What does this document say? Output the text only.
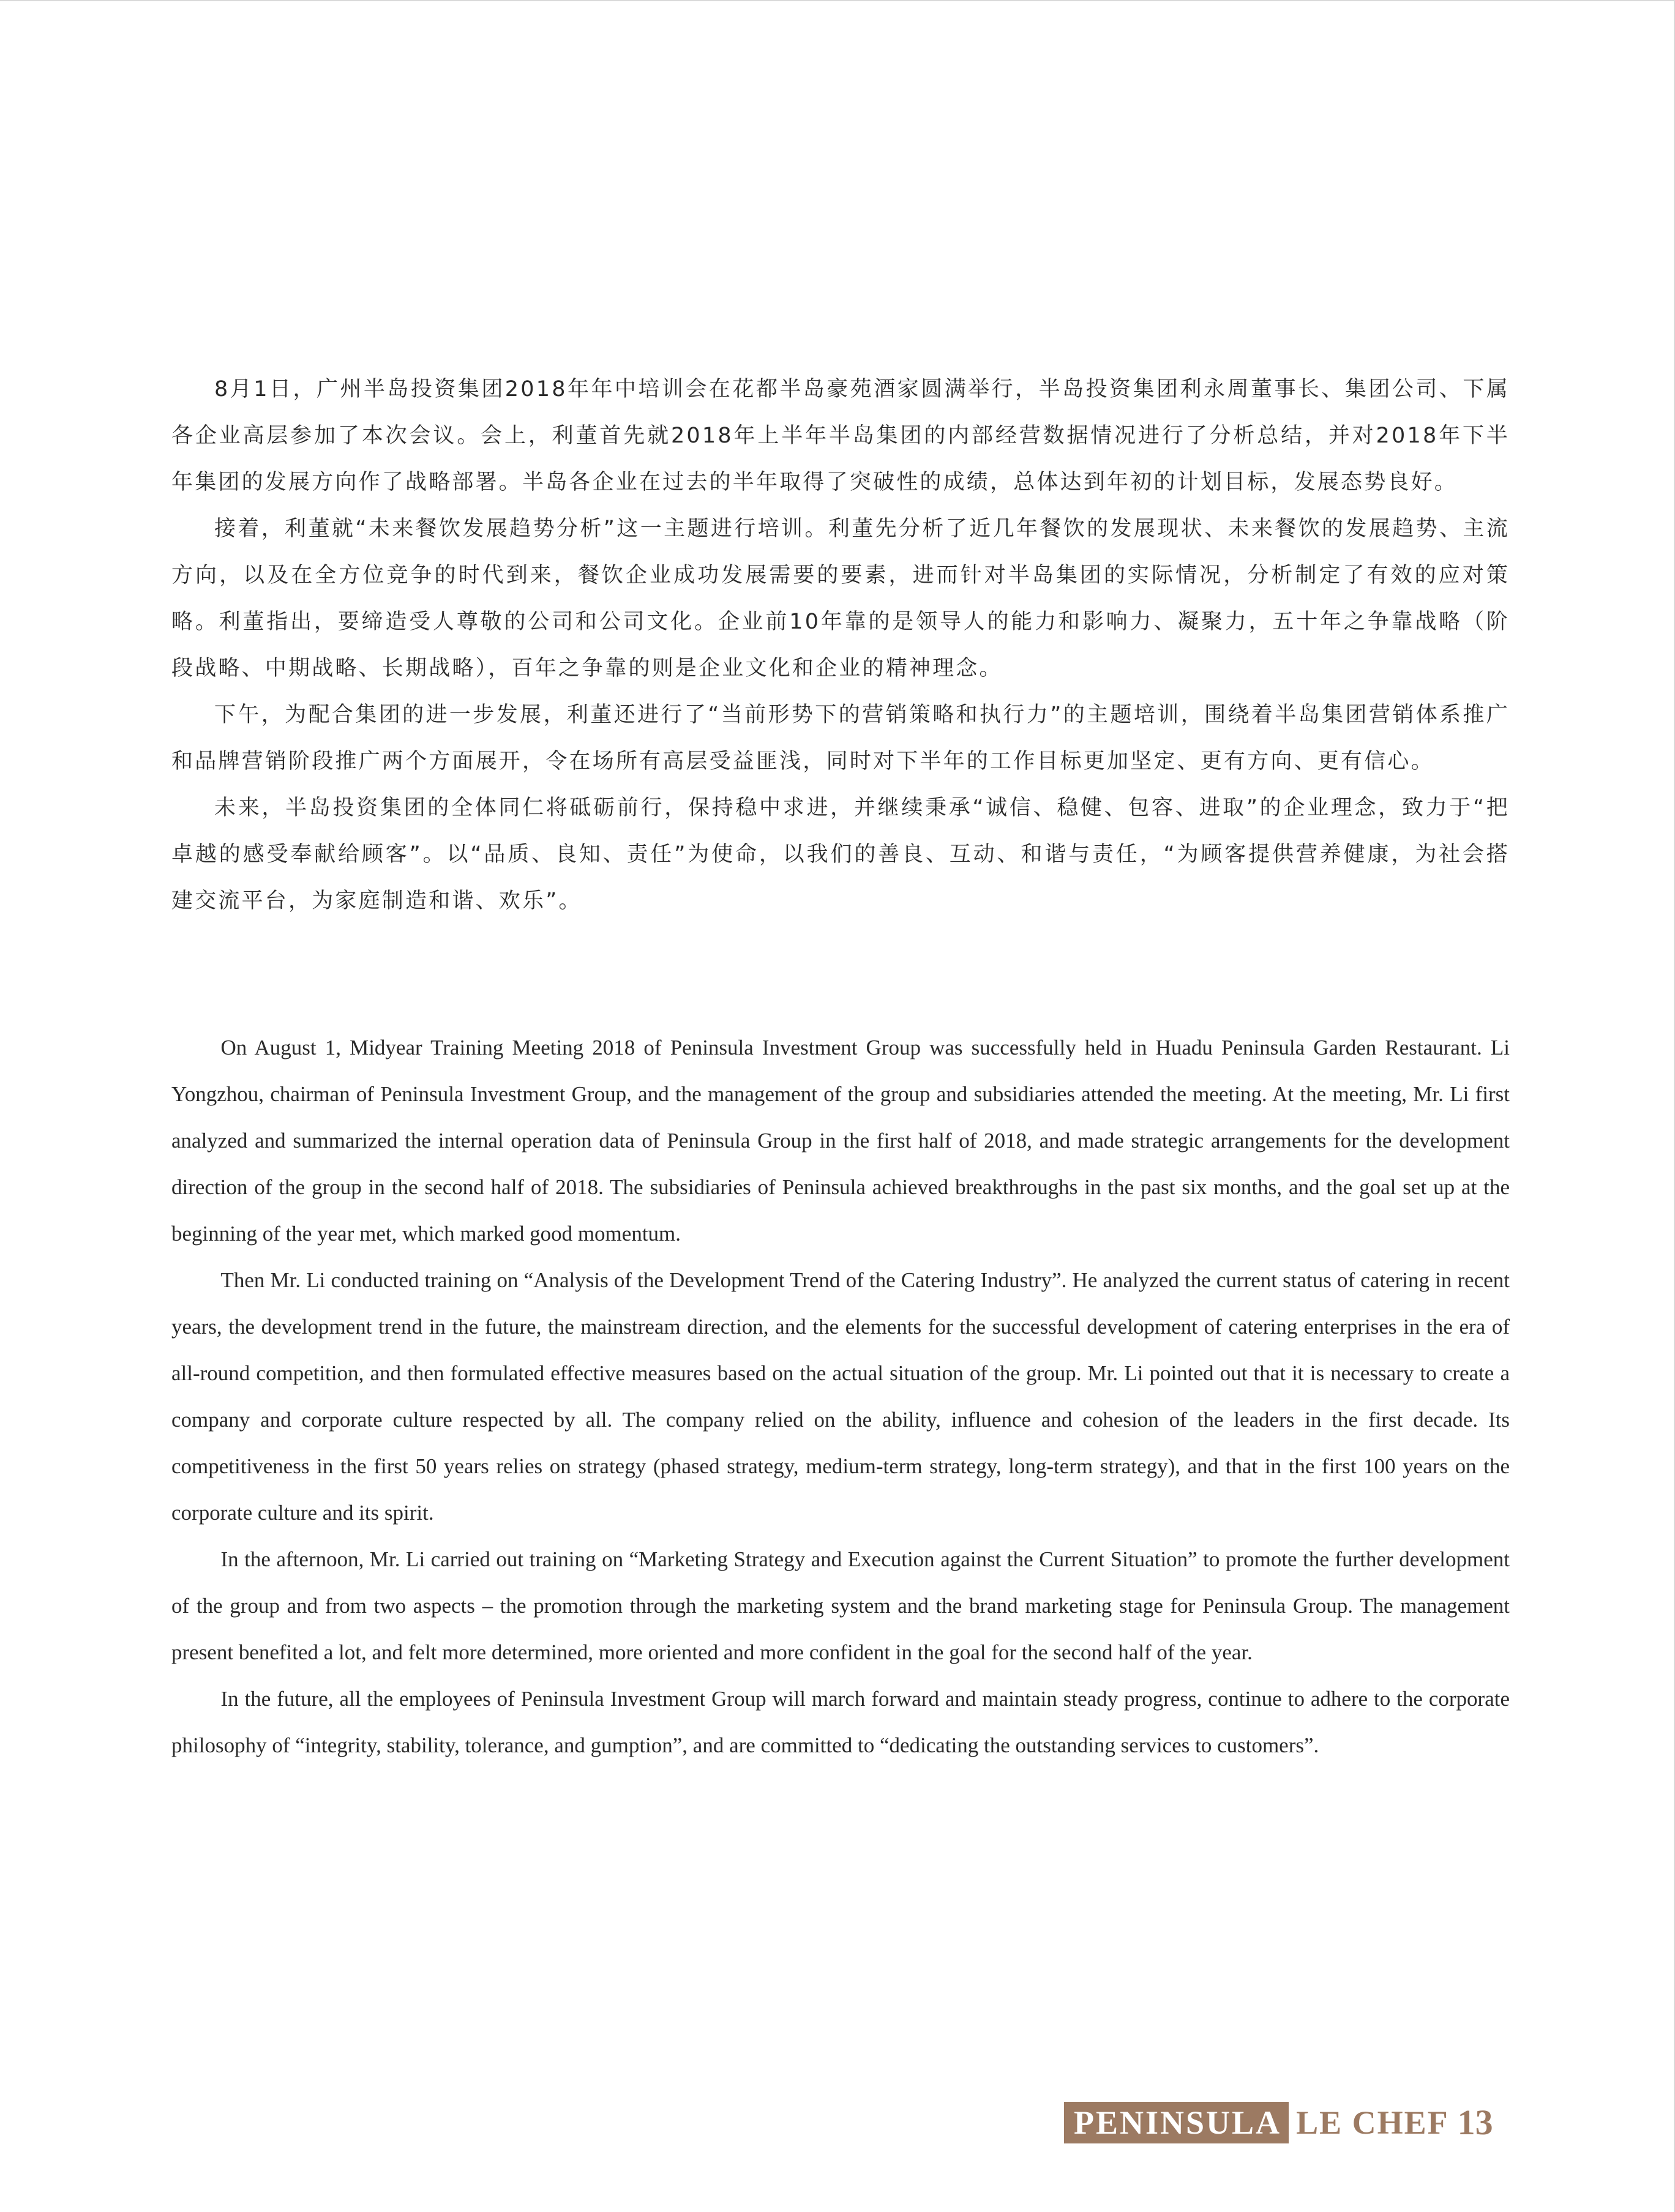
8月1日，广州半岛投资集团2018年年中培训会在花都半岛豪苑酒家圆满举行，半岛投资集团利永周董事长、集团公司、下属各企业高层参加了本次会议。会上，利董首先就2018年上半年半岛集团的内部经营数据情况进行了分析总结，并对2018年下半年集团的发展方向作了战略部署。半岛各企业在过去的半年取得了突破性的成绩，总体达到年初的计划目标，发展态势良好。

接着，利董就“未来餐饮发展趋势分析”这一主题进行培训。利董先分析了近几年餐饮的发展现状、未来餐饮的发展趋势、主流方向，以及在全方位竞争的时代到来，餐饮企业成功发展需要的要素，进而针对半岛集团的实际情况，分析制定了有效的应对策略。利董指出，要缔造受人尊敬的公司和公司文化。企业前10年靠的是领导人的能力和影响力、凝聚力，五十年之争靠战略（阶段战略、中期战略、长期战略），百年之争靠的则是企业文化和企业的精神理念。

下午，为配合集团的进一步发展，利董还进行了“当前形势下的营销策略和执行力”的主题培训，围绕着半岛集团营销体系推广和品牌营销阶段推广两个方面展开，令在场所有高层受益匪浅，同时对下半年的工作目标更加坚定、更有方向、更有信心。

未来，半岛投资集团的全体同仁将砥砺前行，保持稳中求进，并继续秉承“诚信、稳健、包容、进取”的企业理念，致力于“把卓越的感受奉献给顾客”。以“品质、良知、责任”为使命，以我们的善良、互动、和谐与责任，“为顾客提供营养健康，为社会搭建交流平台，为家庭制造和谐、欢乐”。

On August 1, Midyear Training Meeting 2018 of Peninsula Investment Group was successfully held in Huadu Peninsula Garden Restaurant. Li Yongzhou, chairman of Peninsula Investment Group, and the management of the group and subsidiaries attended the meeting. At the meeting, Mr. Li first analyzed and summarized the internal operation data of Peninsula Group in the first half of 2018, and made strategic arrangements for the development direction of the group in the second half of 2018. The subsidiaries of Peninsula achieved breakthroughs in the past six months, and the goal set up at the beginning of the year met, which marked good momentum.

Then Mr. Li conducted training on “Analysis of the Development Trend of the Catering Industry”. He analyzed the current status of catering in recent years, the development trend in the future, the mainstream direction, and the elements for the successful development of catering enterprises in the era of all-round competition, and then formulated effective measures based on the actual situation of the group. Mr. Li pointed out that it is necessary to create a company and corporate culture respected by all. The company relied on the ability, influence and cohesion of the leaders in the first decade. Its competitiveness in the first 50 years relies on strategy (phased strategy, medium-term strategy, long-term strategy), and that in the first 100 years on the corporate culture and its spirit.

In the afternoon, Mr. Li carried out training on “Marketing Strategy and Execution against the Current Situation” to promote the further development of the group and from two aspects – the promotion through the marketing system and the brand marketing stage for Peninsula Group. The management present benefited a lot, and felt more determined, more oriented and more confident in the goal for the second half of the year.

In the future, all the employees of Peninsula Investment Group will march forward and maintain steady progress, continue to adhere to the corporate philosophy of “integrity, stability, tolerance, and gumption”, and are committed to “dedicating the outstanding services to customers”.

PENINSULA LE CHEF 13
